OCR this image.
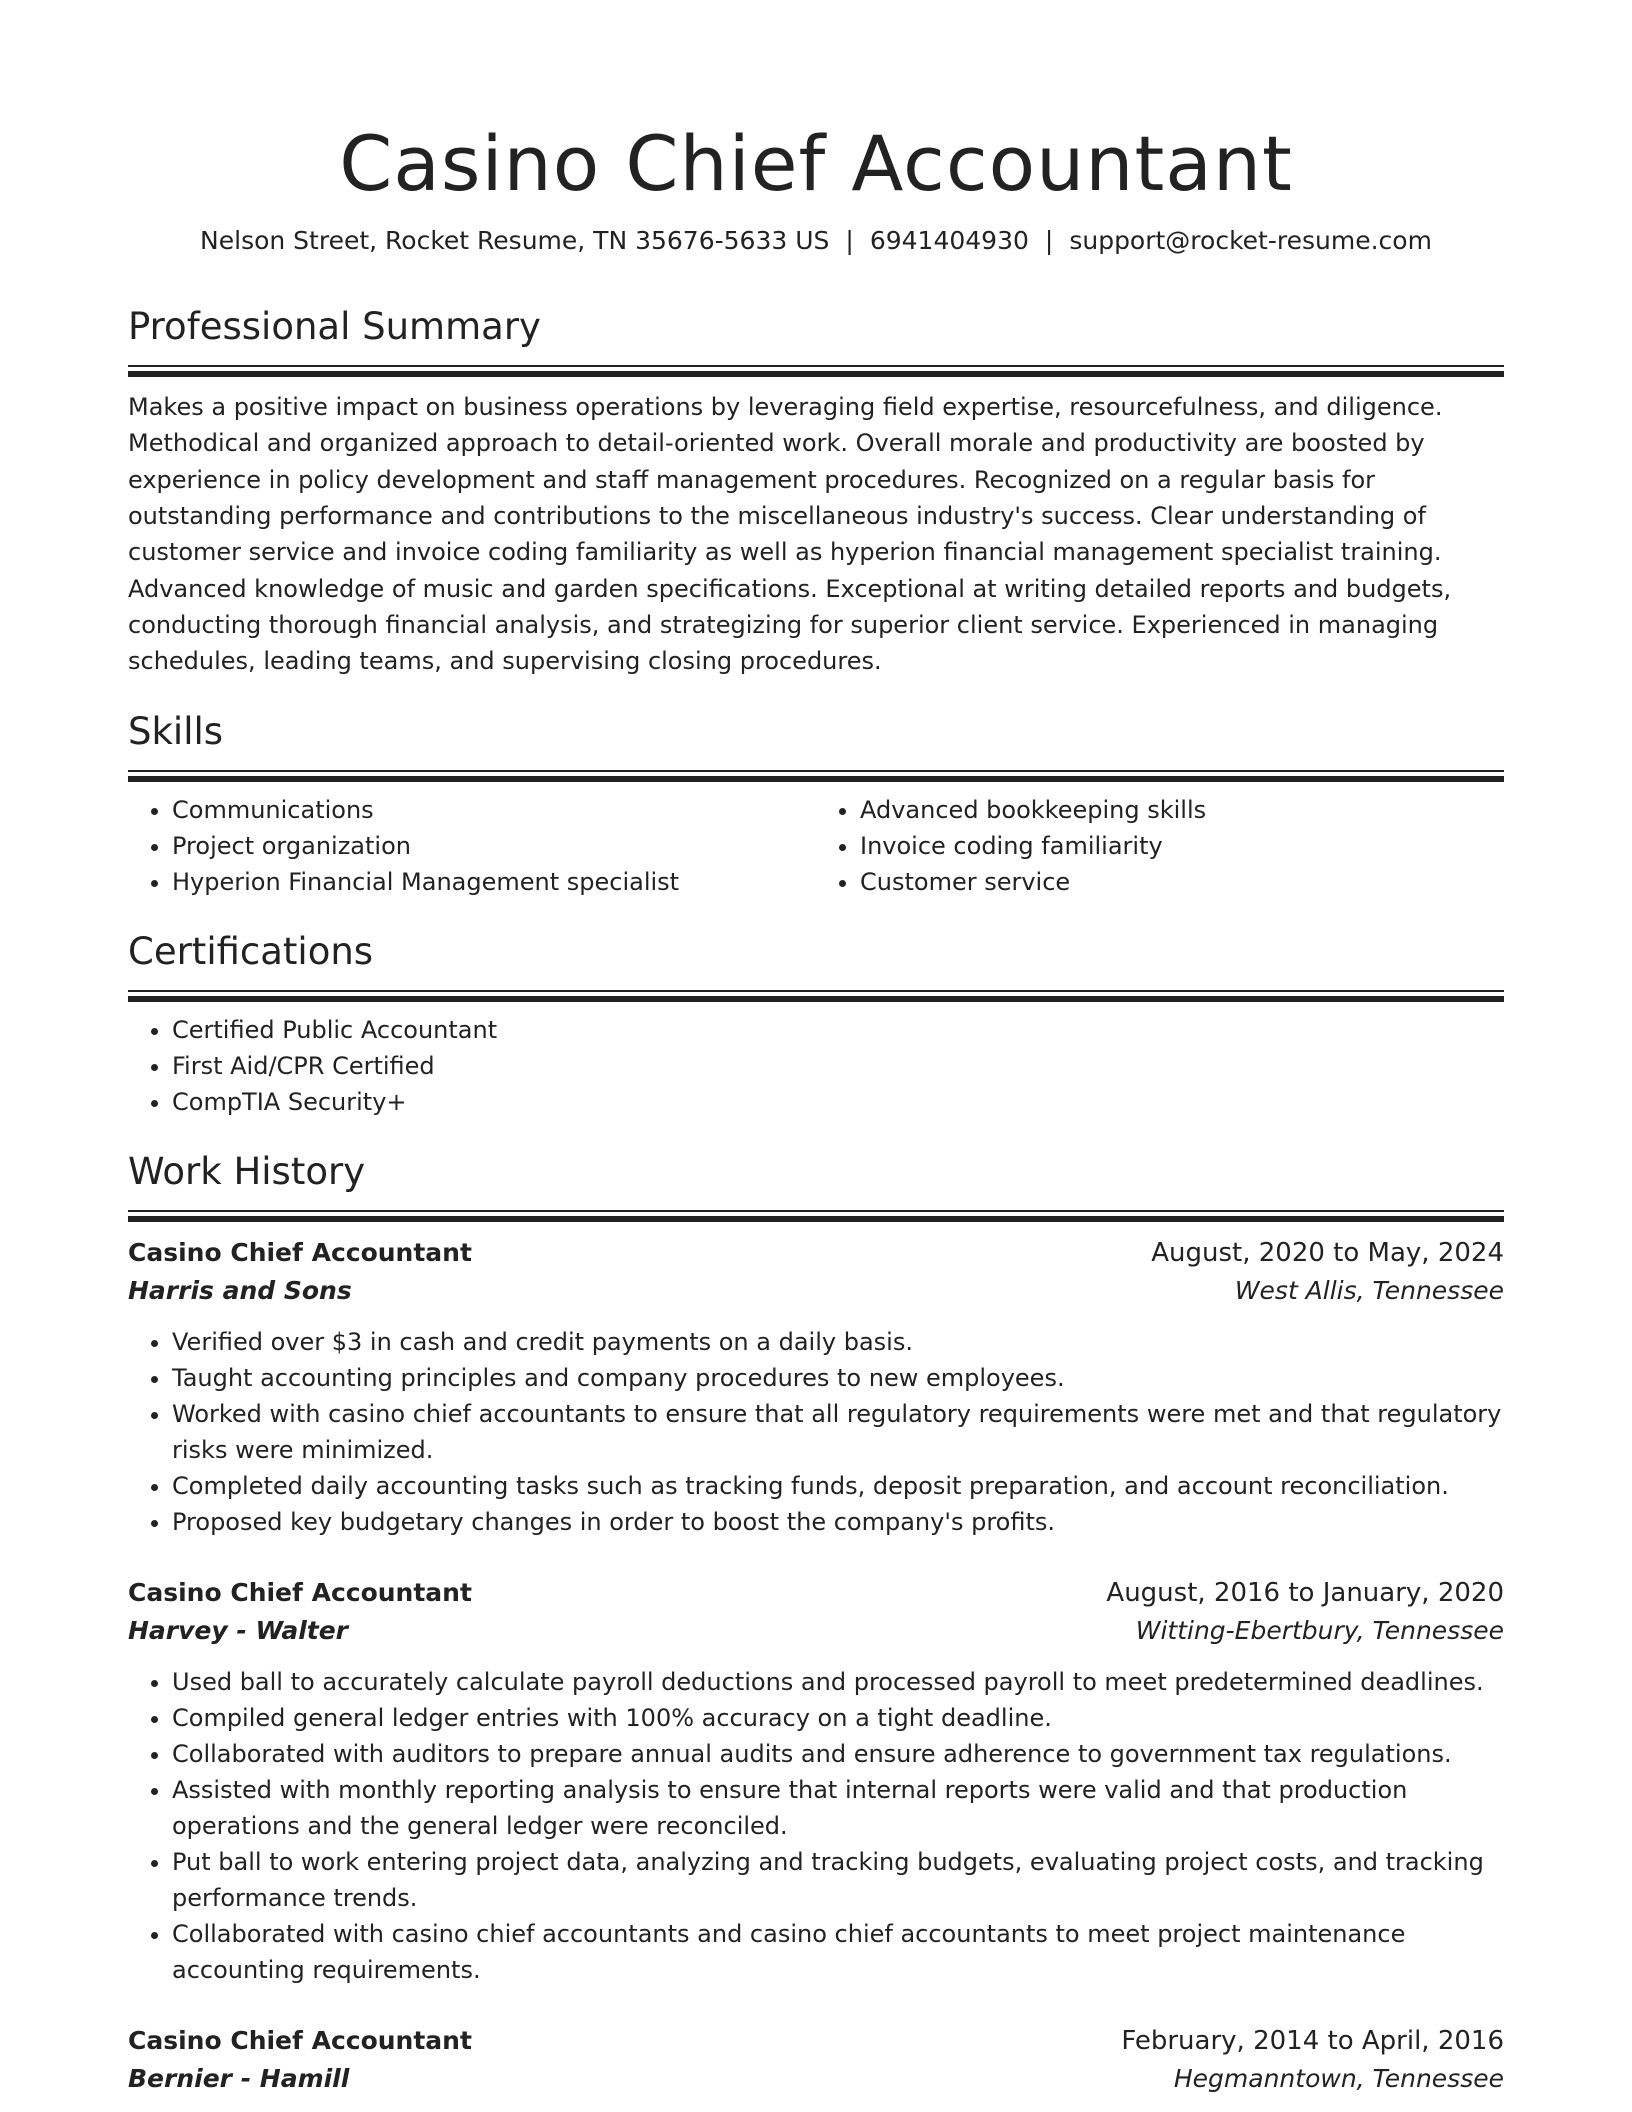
Casino Chief Accountant
Nelson Street, Rocket Resume, TN 35676-5633 US | 6941404930 | support@rocket-resume.com
Professional Summary

Makes a positive impact on business operations by leveraging field expertise, resourcefulness, and diligence. Methodical and organized approach to detail-oriented work. Overall morale and productivity are boosted by experience in policy development and staff management procedures. Recognized on a regular basis for outstanding performance and contributions to the miscellaneous industry's success. Clear understanding of customer service and invoice coding familiarity as well as hyperion financial management specialist training. Advanced knowledge of music and garden specifications. Exceptional at writing detailed reports and budgets, conducting thorough financial analysis, and strategizing for superior client service. Experienced in managing schedules, leading teams, and supervising closing procedures.

Skills
• Communications
• Project organization
• Hyperion Financial Management specialist
• Advanced bookkeeping skills
• Invoice coding familiarity
• Customer service
Certifications
• Certified Public Accountant
• First Aid/CPR Certified
• CompTIA Security+
Work History
Casino Chief Accountant	August, 2020 to May, 2024
Harris and Sons	West Allis, Tennessee
• Verified over $3 in cash and credit payments on a daily basis.
• Taught accounting principles and company procedures to new employees.
• Worked with casino chief accountants to ensure that all regulatory requirements were met and that regulatory risks were minimized.
• Completed daily accounting tasks such as tracking funds, deposit preparation, and account reconciliation.
• Proposed key budgetary changes in order to boost the company's profits.
Casino Chief Accountant	August, 2016 to January, 2020
Harvey - Walter	Witting-Ebertbury, Tennessee
• Used ball to accurately calculate payroll deductions and processed payroll to meet predetermined deadlines.
• Compiled general ledger entries with 100% accuracy on a tight deadline.
• Collaborated with auditors to prepare annual audits and ensure adherence to government tax regulations.
• Assisted with monthly reporting analysis to ensure that internal reports were valid and that production operations and the general ledger were reconciled.
• Put ball to work entering project data, analyzing and tracking budgets, evaluating project costs, and tracking performance trends.
• Collaborated with casino chief accountants and casino chief accountants to meet project maintenance accounting requirements.
Casino Chief Accountant	February, 2014 to April, 2016
Bernier - Hamill	Hegmanntown, Tennessee
